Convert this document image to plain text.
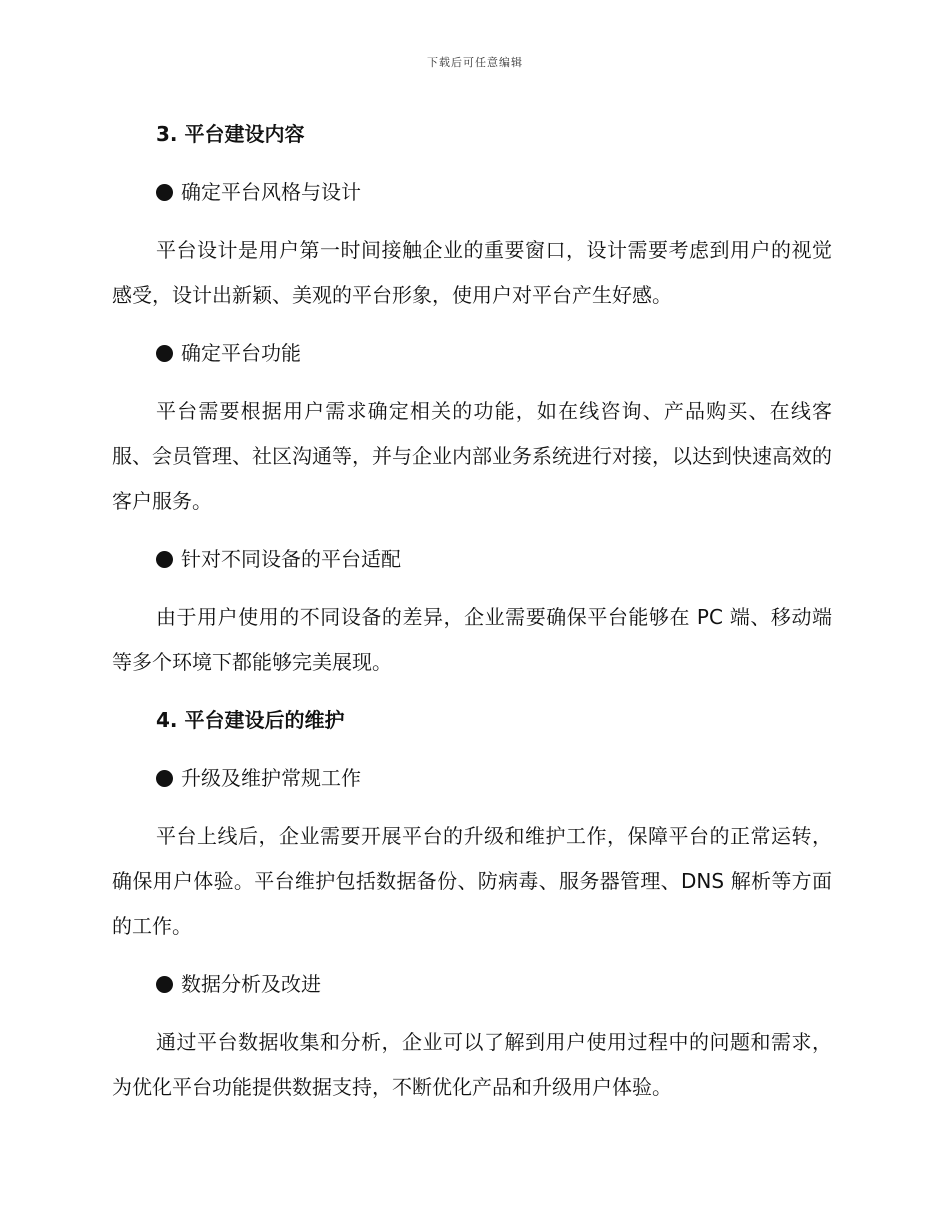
下载后可任意编辑
3. 平台建设内容
确定平台风格与设计
平台设计是用户第一时间接触企业的重要窗口，设计需要考虑到用户的视觉感受，设计出新颖、美观的平台形象，使用户对平台产生好感。
确定平台功能
平台需要根据用户需求确定相关的功能，如在线咨询、产品购买、在线客服、会员管理、社区沟通等，并与企业内部业务系统进行对接，以达到快速高效的客户服务。
针对不同设备的平台适配
由于用户使用的不同设备的差异，企业需要确保平台能够在 PC 端、移动端等多个环境下都能够完美展现。
4. 平台建设后的维护
升级及维护常规工作
平台上线后，企业需要开展平台的升级和维护工作，保障平台的正常运转，确保用户体验。平台维护包括数据备份、防病毒、服务器管理、DNS 解析等方面的工作。
数据分析及改进
通过平台数据收集和分析，企业可以了解到用户使用过程中的问题和需求，为优化平台功能提供数据支持，不断优化产品和升级用户体验。
